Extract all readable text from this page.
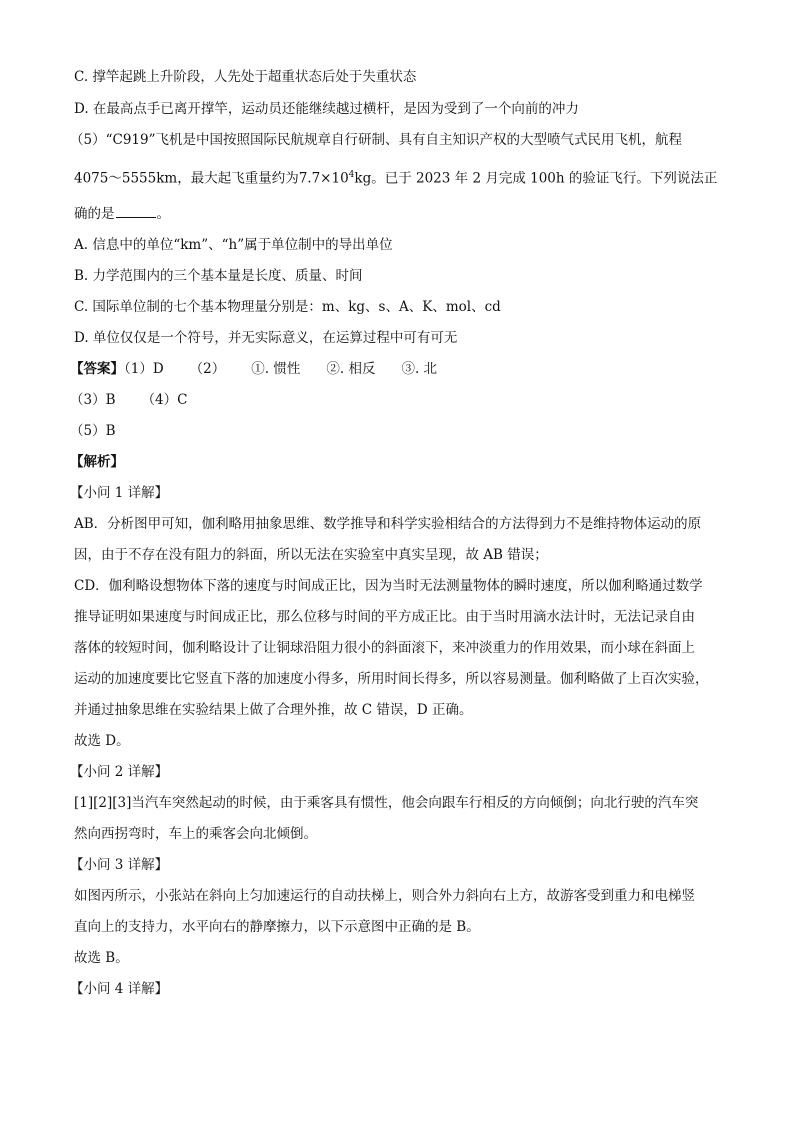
C. 撑竿起跳上升阶段，人先处于超重状态后处于失重状态
D. 在最高点手已离开撑竿，运动员还能继续越过横杆，是因为受到了一个向前的冲力
（5）“C919”飞机是中国按照国际民航规章自行研制、具有自主知识产权的大型喷气式民用飞机，航程
4075～5555km，最大起飞重量约为$7.7\times 10^4kg$。已于 2023 年 2 月完成 100h 的验证飞行。下列说法正
确的是	。
A. 信息中的单位“km”、“h”属于单位制中的导出单位
B. 力学范围内的三个基本量是长度、质量、时间
C. 国际单位制的七个基本物理量分别是：m、kg、s、A、K、mol、cd
D. 单位仅仅是一个符号，并无实际意义，在运算过程中可有可无
【答案】（1）D （2） ①. 惯性 ②. 相反 ③. 北
（3）B （4）C
（5）B
【解析】
【小问 1 详解】
AB．分析图甲可知，伽利略用抽象思维、数学推导和科学实验相结合的方法得到力不是维持物体运动的原
因，由于不存在没有阻力的斜面，所以无法在实验室中真实呈现，故 AB 错误；
CD．伽利略设想物体下落的速度与时间成正比，因为当时无法测量物体的瞬时速度，所以伽利略通过数学
推导证明如果速度与时间成正比，那么位移与时间的平方成正比。由于当时用滴水法计时，无法记录自由
落体的较短时间，伽利略设计了让铜球沿阻力很小的斜面滚下，来冲淡重力的作用效果，而小球在斜面上
运动的加速度要比它竖直下落的加速度小得多，所用时间长得多，所以容易测量。伽利略做了上百次实验，
并通过抽象思维在实验结果上做了合理外推，故 C 错误，D 正确。
故选 D。
【小问 2 详解】
[1][2][3]当汽车突然起动的时候，由于乘客具有惯性，他会向跟车行相反的方向倾倒；向北行驶的汽车突
然向西拐弯时，车上的乘客会向北倾倒。
【小问 3 详解】
如图丙所示，小张站在斜向上匀加速运行的自动扶梯上，则合外力斜向右上方，故游客受到重力和电梯竖
直向上的支持力，水平向右的静摩擦力，以下示意图中正确的是 B。
故选 B。
【小问 4 详解】
